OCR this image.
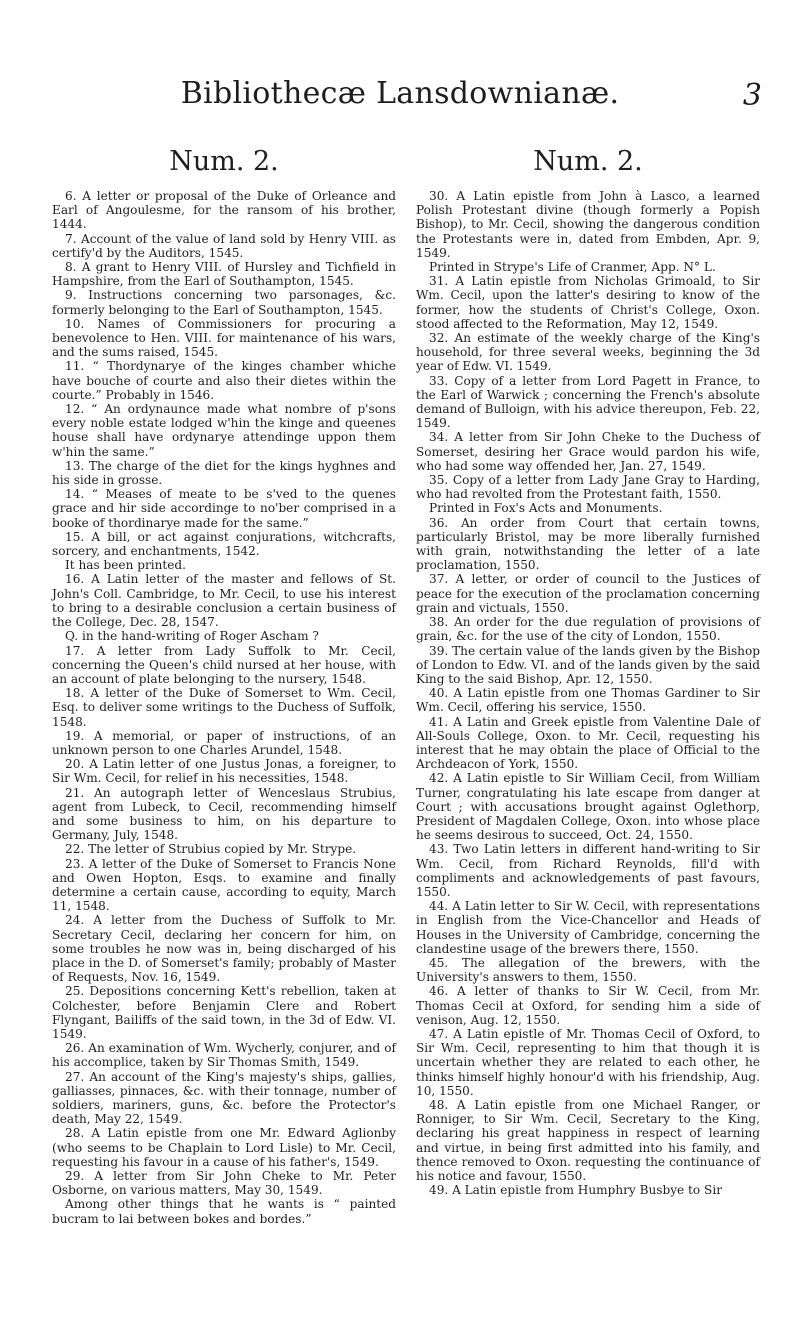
Bibliothecæ Lansdownianæ.	3
Num. 2.

6. A letter or proposal of the Duke of Orleance and Earl of Angoulesme, for the ransom of his brother, 1444.

7. Account of the value of land sold by Henry VIII. as certify'd by the Auditors, 1545.

8. A grant to Henry VIII. of Hursley and Tichfield in Hampshire, from the Earl of Southampton, 1545.

9. Instructions concerning two parsonages, &c. formerly belonging to the Earl of Southampton, 1545.

10. Names of Commissioners for procuring a benevolence to Hen. VIII. for maintenance of his wars, and the sums raised, 1545.

11. “ Thordynarye of the kinges chamber whiche have bouche of courte and also their dietes within the courte.” Probably in 1546.

12. “ An ordynaunce made what nombre of p'sons every noble estate lodged w'hin the kinge and queenes house shall have ordynarye attendinge uppon them w'hin the same.”

13. The charge of the diet for the kings hyghnes and his side in grosse.

14. “ Meases of meate to be s'ved to the quenes grace and hir side accordinge to no'ber comprised in a booke of thordinarye made for the same.”

15. A bill, or act against conjurations, witchcrafts, sorcery, and enchantments, 1542.

It has been printed.

16. A Latin letter of the master and fellows of St. John's Coll. Cambridge, to Mr. Cecil, to use his interest to bring to a desirable conclusion a certain business of the College, Dec. 28, 1547.

Q. in the hand-writing of Roger Ascham ?

17. A letter from Lady Suffolk to Mr. Cecil, concerning the Queen's child nursed at her house, with an account of plate belonging to the nursery, 1548.

18. A letter of the Duke of Somerset to Wm. Cecil, Esq. to deliver some writings to the Duchess of Suffolk, 1548.

19. A memorial, or paper of instructions, of an unknown person to one Charles Arundel, 1548.

20. A Latin letter of one Justus Jonas, a foreigner, to Sir Wm. Cecil, for relief in his necessities, 1548.

21. An autograph letter of Wenceslaus Strubius, agent from Lubeck, to Cecil, recommending himself and some business to him, on his departure to Germany, July, 1548.

22. The letter of Strubius copied by Mr. Strype.

23. A letter of the Duke of Somerset to Francis None and Owen Hopton, Esqs. to examine and finally determine a certain cause, according to equity, March 11, 1548.

24. A letter from the Duchess of Suffolk to Mr. Secretary Cecil, declaring her concern for him, on some troubles he now was in, being discharged of his place in the D. of Somerset's family; probably of Master of Requests, Nov. 16, 1549.

25. Depositions concerning Kett's rebellion, taken at Colchester, before Benjamin Clere and Robert Flyngant, Bailiffs of the said town, in the 3d of Edw. VI. 1549.

26. An examination of Wm. Wycherly, conjurer, and of his accomplice, taken by Sir Thomas Smith, 1549.

27. An account of the King's majesty's ships, gallies, galliasses, pinnaces, &c. with their tonnage, number of soldiers, mariners, guns, &c. before the Protector's death, May 22, 1549.

28. A Latin epistle from one Mr. Edward Aglionby (who seems to be Chaplain to Lord Lisle) to Mr. Cecil, requesting his favour in a cause of his father's, 1549.

29. A letter from Sir John Cheke to Mr. Peter Osborne, on various matters, May 30, 1549.

Among other things that he wants is “ painted bucram to lai between bokes and bordes.”

Num. 2.

30. A Latin epistle from John à Lasco, a learned Polish Protestant divine (though formerly a Popish Bishop), to Mr. Cecil, showing the dangerous condition the Protestants were in, dated from Embden, Apr. 9, 1549.

Printed in Strype's Life of Cranmer, App. N° L.

31. A Latin epistle from Nicholas Grimoald, to Sir Wm. Cecil, upon the latter's desiring to know of the former, how the students of Christ's College, Oxon. stood affected to the Reformation, May 12, 1549.

32. An estimate of the weekly charge of the King's household, for three several weeks, beginning the 3d year of Edw. VI. 1549.

33. Copy of a letter from Lord Pagett in France, to the Earl of Warwick ; concerning the French's absolute demand of Bulloign, with his advice thereupon, Feb. 22, 1549.

34. A letter from Sir John Cheke to the Duchess of Somerset, desiring her Grace would pardon his wife, who had some way offended her, Jan. 27, 1549.

35. Copy of a letter from Lady Jane Gray to Harding, who had revolted from the Protestant faith, 1550.

Printed in Fox's Acts and Monuments.

36. An order from Court that certain towns, particularly Bristol, may be more liberally furnished with grain, notwithstanding the letter of a late proclamation, 1550.

37. A letter, or order of council to the Justices of peace for the execution of the proclamation concerning grain and victuals, 1550.

38. An order for the due regulation of provisions of grain, &c. for the use of the city of London, 1550.

39. The certain value of the lands given by the Bishop of London to Edw. VI. and of the lands given by the said King to the said Bishop, Apr. 12, 1550.

40. A Latin epistle from one Thomas Gardiner to Sir Wm. Cecil, offering his service, 1550.

41. A Latin and Greek epistle from Valentine Dale of All-Souls College, Oxon. to Mr. Cecil, requesting his interest that he may obtain the place of Official to the Archdeacon of York, 1550.

42. A Latin epistle to Sir William Cecil, from William Turner, congratulating his late escape from danger at Court ; with accusations brought against Oglethorp, President of Magdalen College, Oxon. into whose place he seems desirous to succeed, Oct. 24, 1550.

43. Two Latin letters in different hand-writing to Sir Wm. Cecil, from Richard Reynolds, fill'd with compliments and acknowledgements of past favours, 1550.

44. A Latin letter to Sir W. Cecil, with representations in English from the Vice-Chancellor and Heads of Houses in the University of Cambridge, concerning the clandestine usage of the brewers there, 1550.

45. The allegation of the brewers, with the University's answers to them, 1550.

46. A letter of thanks to Sir W. Cecil, from Mr. Thomas Cecil at Oxford, for sending him a side of venison, Aug. 12, 1550.

47. A Latin epistle of Mr. Thomas Cecil of Oxford, to Sir Wm. Cecil, representing to him that though it is uncertain whether they are related to each other, he thinks himself highly honour'd with his friendship, Aug. 10, 1550.

48. A Latin epistle from one Michael Ranger, or Ronniger, to Sir Wm. Cecil, Secretary to the King, declaring his great happiness in respect of learning and virtue, in being first admitted into his family, and thence removed to Oxon. requesting the continuance of his notice and favour, 1550.

49. A Latin epistle from Humphry Busbye to Sir
